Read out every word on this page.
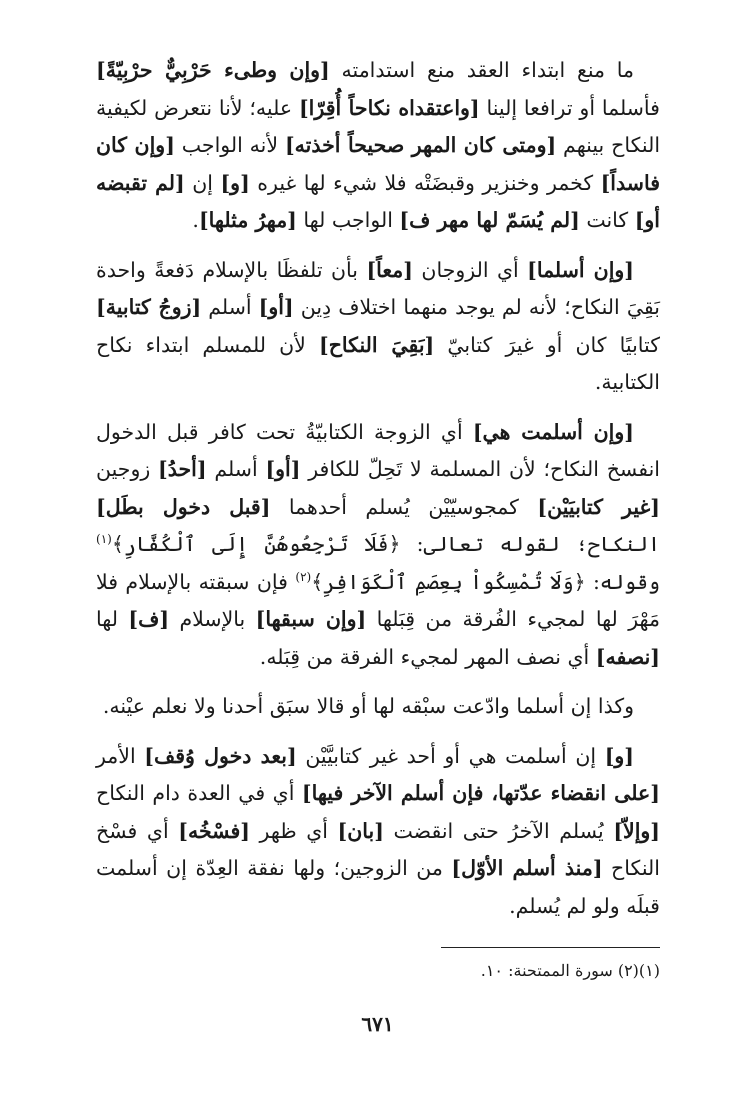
ما منع ابتداء العقد منع استدامته [وإن وطىء حَرْبِيٌّ حرْبِيّةً] فأسلما أو ترافعا إلينا [واعتقداه نكاحاً أُقِرّا] عليه؛ لأنا نتعرض لكيفية النكاح بينهم [ومتى كان المهر صحيحاً أخذته] لأنه الواجب [وإن كان فاسداً] كخمر وخنزير وقبضَتْه فلا شيء لها غيره [و] إن [لم تقبضه أو] كانت [لم يُسَمّ لها مهر ف] الواجب لها [مهرُ مثلها].

[وإن أسلما] أي الزوجان [معاً] بأن تلفظَا بالإسلام دَفعةً واحدة بَقِيَ النكاح؛ لأنه لم يوجد منهما اختلاف دِين [أو] أسلم [زوجُ كتابية] كتابيًا كان أو غيرَ كتابيّ [بَقِيَ النكاح] لأن للمسلم ابتداء نكاح الكتابية.

[وإن أسلمت هي] أي الزوجة الكتابيّةُ تحت كافر قبل الدخول انفسخ النكاح؛ لأن المسلمة لا تَحِلّ للكافر [أو] أسلم [أحدُ] زوجين [غير كتابيَيْن] كمجوسيّيْن يُسلم أحدهما [قبل دخول بطَل] النكاح؛ لقوله تعالى: ﴿فَلَا تَرْجِعُوهُنَّ إِلَى ٱلْكُفَّارِ﴾$^{(١)}$ وقوله: ﴿وَلَا تُمْسِكُواْ بِعِصَمِ ٱلْكَوَافِرِ﴾$^{(٢)}$ فإن سبقته بالإسلام فلا مَهْرَ لها لمجيء الفُرقة من قِبَلها [وإن سبقها] بالإسلام [ف] لها [نصفه] أي نصف المهر لمجيء الفرقة من قِبَله.

وكذا إن أسلما وادّعت سبْقه لها أو قالا سبَق أحدنا ولا نعلم عيْنه.

[و] إن أسلمت هي أو أحد غير كتابيَّيْن [بعد دخول وُقف] الأمر [على انقضاء عدّتها، فإن أسلم الآخر فيها] أي في العدة دام النكاح [وإلاّ] يُسلم الآخرُ حتى انقضت [بان] أي ظهر [فسْخُه] أي فسْخ النكاح [منذ أسلم الأوّل] من الزوجين؛ ولها نفقة العِدّة إن أسلمت قبلَه ولو لم يُسلم.

(١)(٢) سورة الممتحنة: ١٠.
٦٧١
